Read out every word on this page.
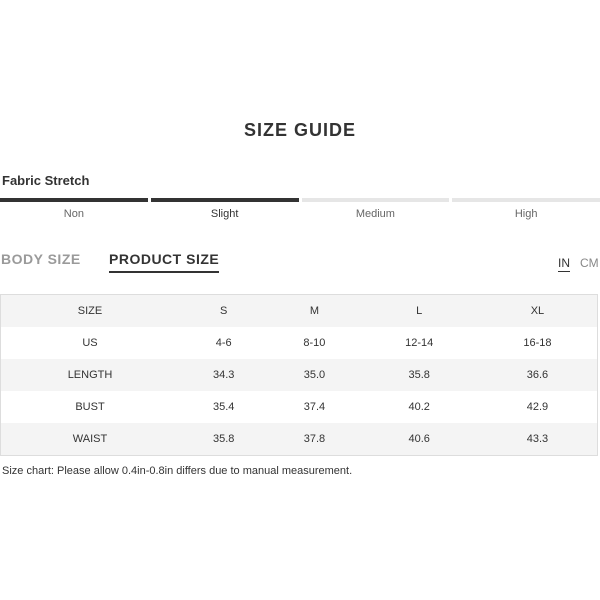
SIZE GUIDE
Fabric Stretch
Non	Slight	Medium	High
BODY SIZE PRODUCT SIZE	IN CM
SIZE	S	M	L	XL
US	4-6	8-10	12-14	16-18
LENGTH	34.3	35.0	35.8	36.6
BUST	35.4	37.4	40.2	42.9
WAIST	35.8	37.8	40.6	43.3
Size chart: Please allow 0.4in-0.8in differs due to manual measurement.
